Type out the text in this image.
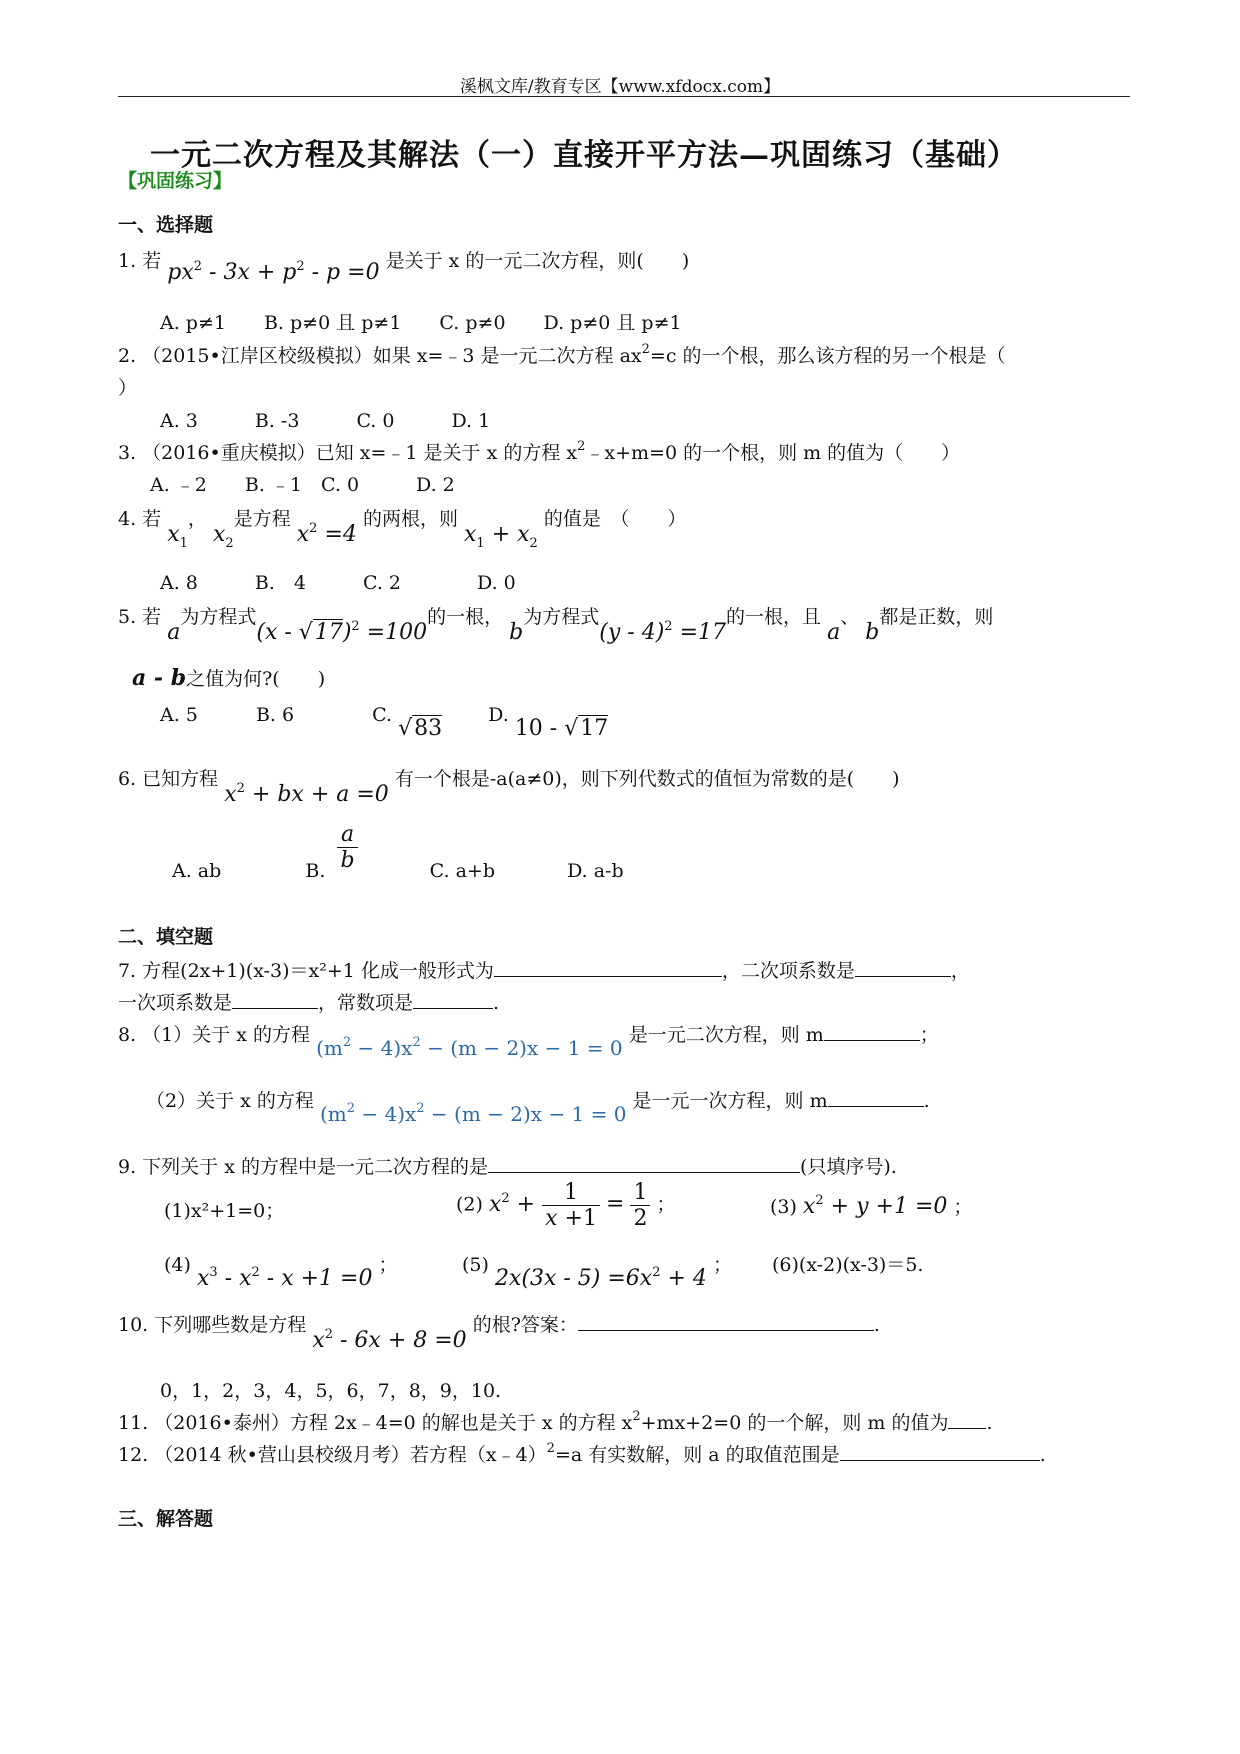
溪枫文库/教育专区【www.xfdocx.com】
一元二次方程及其解法（一）直接开平方法—巩固练习（基础）
【巩固练习】
一、选择题
1. 若 $px^2 - 3x + p^2 - p =0$ 是关于 x 的一元二次方程，则(　　)
A. p≠1　　B. p≠0 且 p≠1　　C. p≠0　　D. p≠0 且 p≠1
2. （2015•江岸区校级模拟）如果 x=﹣3 是一元二次方程 $ax^2=c$ 的一个根，那么该方程的另一个根是（
）
A. 3　　　B. -3　　　C. 0　　　D. 1
3. （2016•重庆模拟）已知 x=﹣1 是关于 x 的方程 $x^2﹣x+m=0$ 的一个根，则 m 的值为（　　）
A. ﹣2　　B. ﹣1　C. 0　　　D. 2
4. 若 $x_1$， $x_2$是方程 $x^2 =4$ 的两根，则 $x_1 + x_2$ 的值是　（　　）
A. 8　　　B.　4　　　C. 2　　　　D. 0
5. 若 a为方程式(x - √17)$^2$ =100的一根， b为方程式(y - 4)$^2$ =17的一根，且 a、 b都是正数，则
a - b之值为何?(　　)
A. 5	B. 6	C. √83 D. 10 - √17
6. 已知方程 $x^2$ + bx + a =0 有一个根是-a(a≠0)，则下列代数式的值恒为常数的是(　　)
A. ab	B. $\frac{a}{b}$	C. a+b	D. a-b
二、填空题
7. 方程(2x+1)(x-3)＝x²+1 化成一般形式为	，二次项系数是	，
一次项系数是	，常数项是	.
8. （1）关于 x 的方程 $(m^2 - 4)x^2 - (m - 2)x - 1 = 0$ 是一元二次方程，则 m	；
（2）关于 x 的方程 $(m^2 - 4)x^2 - (m - 2)x - 1 = 0$ 是一元一次方程，则 m	.
9. 下列关于 x 的方程中是一元二次方程的是	(只填序号).
(1)x²+1=0；	(2) $x^2 + \frac{1}{x +1} = \frac{1}{2}$ ；	(3) $x^2 + y +1 =0$ ；
(4) $x^3 - x^2 - x +1 =0$ ；	(5) $2x(3x - 5) =6x^2 + 4$ ； (6)(x-2)(x-3)＝5.
10. 下列哪些数是方程 $x^2 - 6x + 8 =0$ 的根?答案：	.
0，1，2，3，4，5，6，7，8，9，10.
11. （2016•泰州）方程 2x﹣4=0 的解也是关于 x 的方程 $x^2+mx+2=0$ 的一个解，则 m 的值为 .
12. （2014 秋•营山县校级月考）若方程（x﹣4）$^2$=a 有实数解，则 a 的取值范围是	.
三、解答题
